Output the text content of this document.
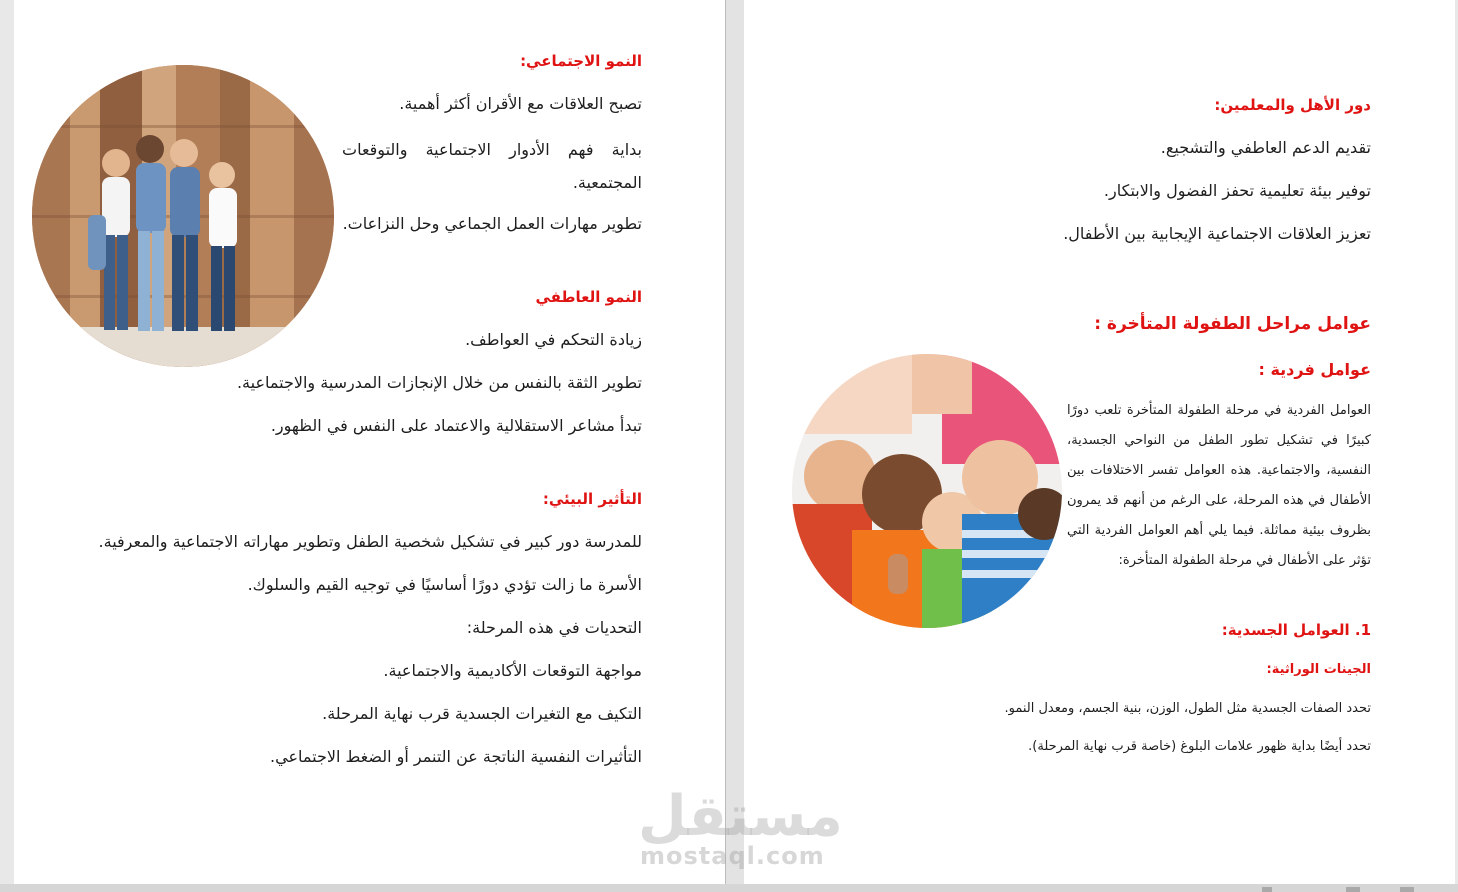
النمو الاجتماعي:

تصبح العلاقات مع الأقران أكثر أهمية.

بداية فهم الأدوار الاجتماعية والتوقعات المجتمعية.

تطوير مهارات العمل الجماعي وحل النزاعات.

النمو العاطفي

زيادة التحكم في العواطف.

تطوير الثقة بالنفس من خلال الإنجازات المدرسية والاجتماعية.

تبدأ مشاعر الاستقلالية والاعتماد على النفس في الظهور.

التأثير البيئي:

للمدرسة دور كبير في تشكيل شخصية الطفل وتطوير مهاراته الاجتماعية والمعرفية.

الأسرة ما زالت تؤدي دورًا أساسيًا في توجيه القيم والسلوك.

التحديات في هذه المرحلة:

مواجهة التوقعات الأكاديمية والاجتماعية.

التكيف مع التغيرات الجسدية قرب نهاية المرحلة.

التأثيرات النفسية الناتجة عن التنمر أو الضغط الاجتماعي.

دور الأهل والمعلمين:

تقديم الدعم العاطفي والتشجيع.

توفير بيئة تعليمية تحفز الفضول والابتكار.

تعزيز العلاقات الاجتماعية الإيجابية بين الأطفال.

عوامل مراحل الطفولة المتأخرة :

عوامل فردية :

العوامل الفردية في مرحلة الطفولة المتأخرة تلعب دورًا كبيرًا في تشكيل تطور الطفل من النواحي الجسدية، النفسية، والاجتماعية. هذه العوامل تفسر الاختلافات بين الأطفال في هذه المرحلة، على الرغم من أنهم قد يمرون بظروف بيئية مماثلة. فيما يلي أهم العوامل الفردية التي تؤثر على الأطفال في مرحلة الطفولة المتأخرة:

1. العوامل الجسدية:

الجينات الوراثية:

تحدد الصفات الجسدية مثل الطول، الوزن، بنية الجسم، ومعدل النمو.

تحدد أيضًا بداية ظهور علامات البلوغ (خاصة قرب نهاية المرحلة).

مستقل
mostaql.com
